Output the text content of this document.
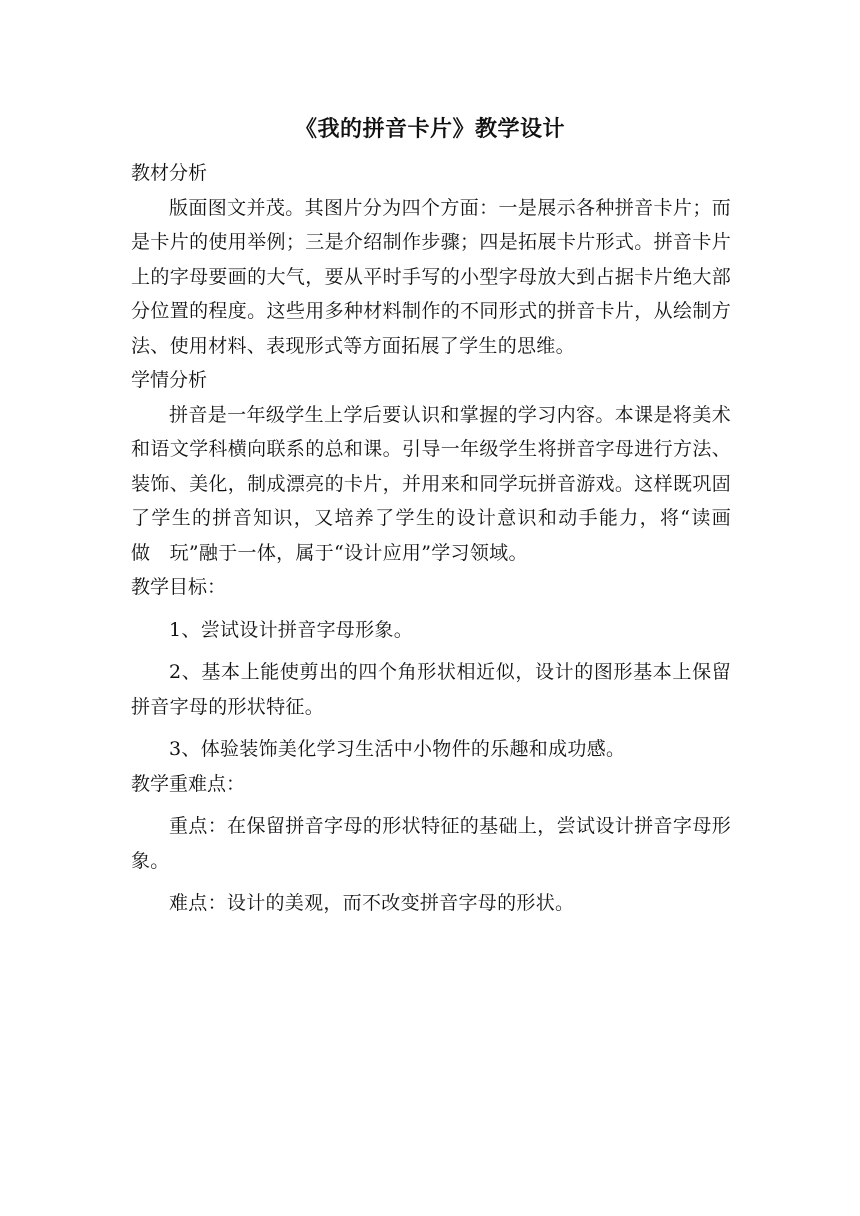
《我的拼音卡片》教学设计

教材分析

版面图文并茂。其图片分为四个方面：一是展示各种拼音卡片；而是卡片的使用举例；三是介绍制作步骤；四是拓展卡片形式。拼音卡片上的字母要画的大气，要从平时手写的小型字母放大到占据卡片绝大部分位置的程度。这些用多种材料制作的不同形式的拼音卡片，从绘制方法、使用材料、表现形式等方面拓展了学生的思维。

学情分析

拼音是一年级学生上学后要认识和掌握的学习内容。本课是将美术和语文学科横向联系的总和课。引导一年级学生将拼音字母进行方法、装饰、美化，制成漂亮的卡片，并用来和同学玩拼音游戏。这样既巩固了学生的拼音知识，又培养了学生的设计意识和动手能力，将“读画　做　玩”融于一体，属于“设计应用”学习领域。

教学目标：

1、尝试设计拼音字母形象。

2、基本上能使剪出的四个角形状相近似，设计的图形基本上保留拼音字母的形状特征。

3、体验装饰美化学习生活中小物件的乐趣和成功感。

教学重难点：

重点：在保留拼音字母的形状特征的基础上，尝试设计拼音字母形象。

难点：设计的美观，而不改变拼音字母的形状。
